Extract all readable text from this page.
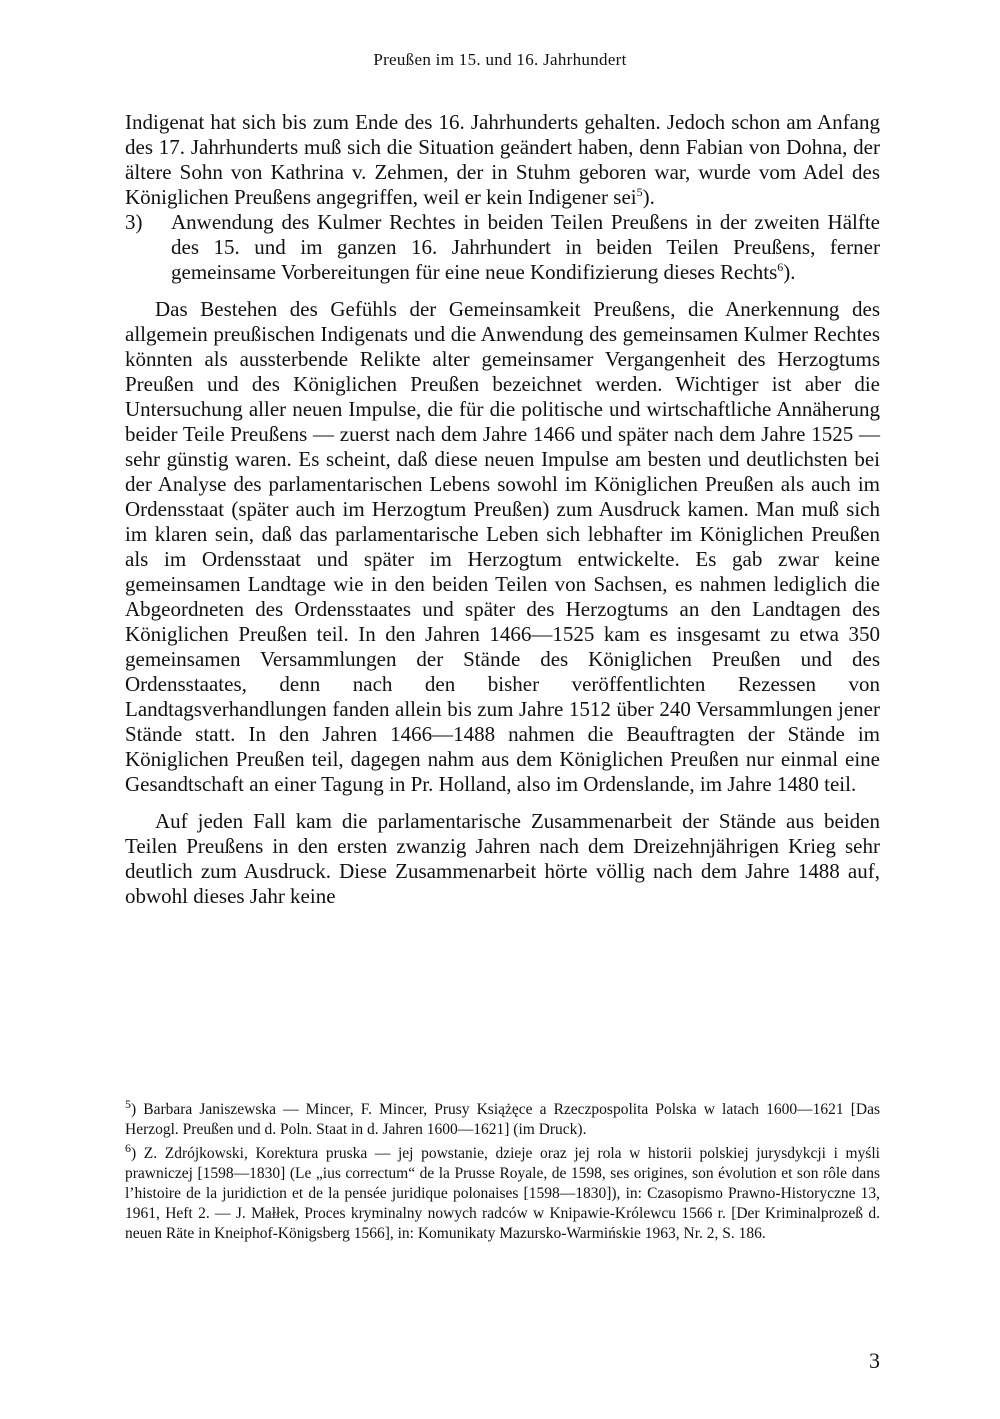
Preußen im 15. und 16. Jahrhundert

Indigenat hat sich bis zum Ende des 16. Jahrhunderts gehalten. Jedoch schon am Anfang des 17. Jahrhunderts muß sich die Situation geändert haben, denn Fabian von Dohna, der ältere Sohn von Kathrina v. Zehmen, der in Stuhm geboren war, wurde vom Adel des Königlichen Preußens angegriffen, weil er kein Indigener sei$^5$).

3)	Anwendung des Kulmer Rechtes in beiden Teilen Preußens in der zweiten Hälfte des 15. und im ganzen 16. Jahrhundert in beiden Teilen Preußens, ferner gemeinsame Vorbereitungen für eine neue Kondifizierung dieses Rechts$^6$).

Das Bestehen des Gefühls der Gemeinsamkeit Preußens, die Anerkennung des allgemein preußischen Indigenats und die Anwendung des gemeinsamen Kulmer Rechtes könnten als aussterbende Relikte alter gemeinsamer Vergangenheit des Herzogtums Preußen und des Königlichen Preußen bezeichnet werden. Wichtiger ist aber die Untersuchung aller neuen Impulse, die für die politische und wirtschaftliche Annäherung beider Teile Preußens — zuerst nach dem Jahre 1466 und später nach dem Jahre 1525 — sehr günstig waren. Es scheint, daß diese neuen Impulse am besten und deutlichsten bei der Analyse des parlamentarischen Lebens sowohl im Königlichen Preußen als auch im Ordensstaat (später auch im Herzogtum Preußen) zum Ausdruck kamen. Man muß sich im klaren sein, daß das parlamentarische Leben sich lebhafter im Königlichen Preußen als im Ordensstaat und später im Herzogtum entwickelte. Es gab zwar keine gemeinsamen Landtage wie in den beiden Teilen von Sachsen, es nahmen lediglich die Abgeordneten des Ordensstaates und später des Herzogtums an den Landtagen des Königlichen Preußen teil. In den Jahren 1466—1525 kam es insgesamt zu etwa 350 gemeinsamen Versammlungen der Stände des Königlichen Preußen und des Ordensstaates, denn nach den bisher veröffentlichten Rezessen von Landtagsverhandlungen fanden allein bis zum Jahre 1512 über 240 Versammlungen jener Stände statt. In den Jahren 1466—1488 nahmen die Beauftragten der Stände im Königlichen Preußen teil, dagegen nahm aus dem Königlichen Preußen nur einmal eine Gesandtschaft an einer Tagung in Pr. Holland, also im Ordenslande, im Jahre 1480 teil.

Auf jeden Fall kam die parlamentarische Zusammenarbeit der Stände aus beiden Teilen Preußens in den ersten zwanzig Jahren nach dem Dreizehnjährigen Krieg sehr deutlich zum Ausdruck. Diese Zusammenarbeit hörte völlig nach dem Jahre 1488 auf, obwohl dieses Jahr keine

$^5$) Barbara Janiszewska — Mincer, F. Mincer, Prusy Książęce a Rzeczpospolita Polska w latach 1600—1621 [Das Herzogl. Preußen und d. Poln. Staat in d. Jahren 1600—1621] (im Druck).
$^6$) Z. Zdrójkowski, Korektura pruska — jej powstanie, dzieje oraz jej rola w historii polskiej jurysdykcji i myśli prawniczej [1598—1830] (Le „ius correctum“ de la Prusse Royale, de 1598, ses origines, son évolution et son rôle dans l’histoire de la juridiction et de la pensée juridique polonaises [1598—1830]), in: Czasopismo Prawno-Historyczne 13, 1961, Heft 2. — J. Małłek, Proces kryminalny nowych radców w Knipawie-Królewcu 1566 r. [Der Kriminalprozeß d. neuen Räte in Kneiphof-Königsberg 1566], in: Komunikaty Mazursko-Warmińskie 1963, Nr. 2, S. 186.
3
